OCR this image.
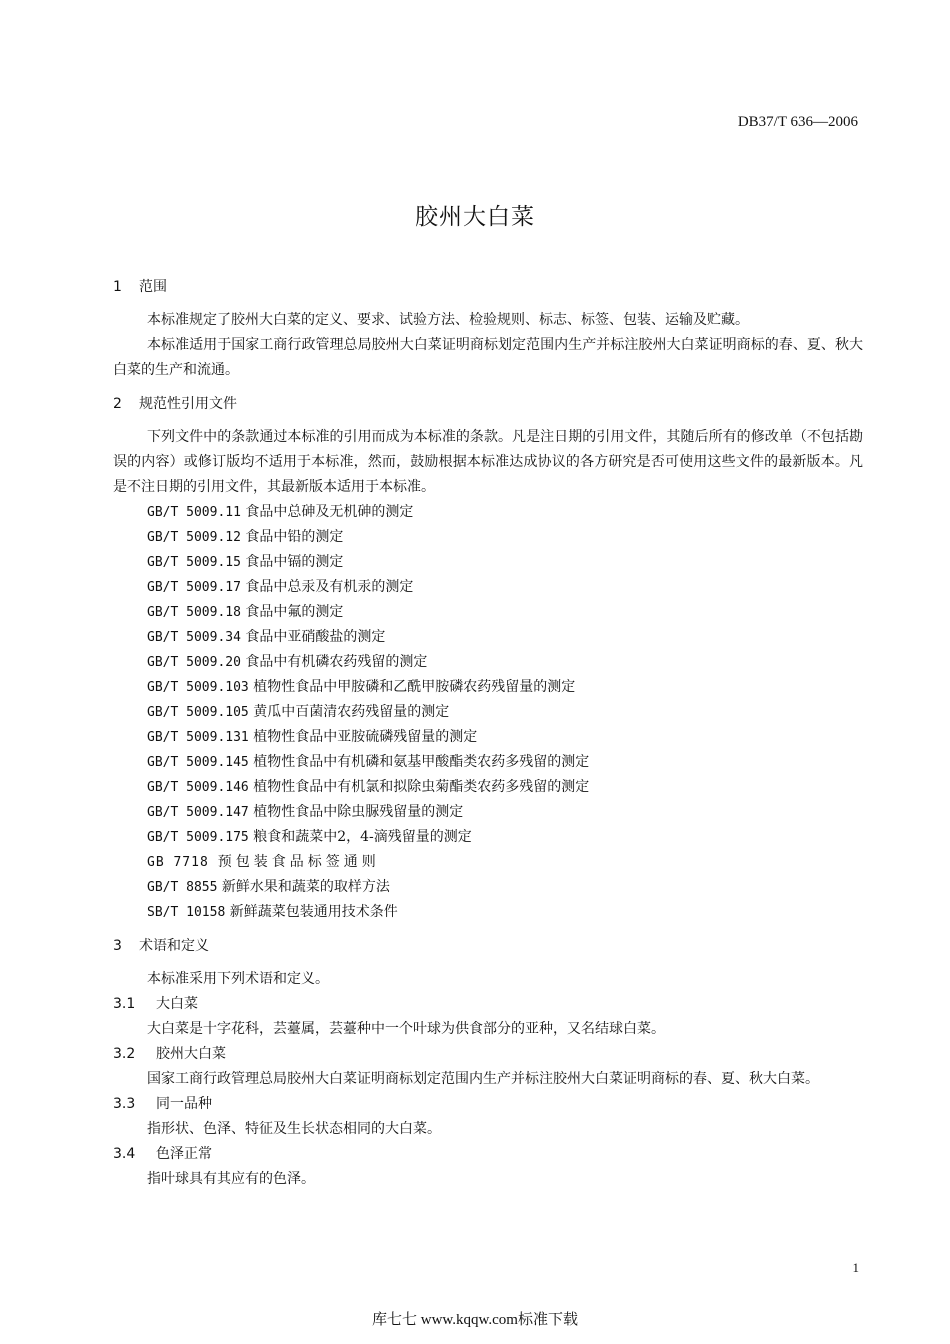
DB37/T 636—2006
胶州大白菜
1	范围

本标准规定了胶州大白菜的定义、要求、试验方法、检验规则、标志、标签、包装、运输及贮藏。

本标准适用于国家工商行政管理总局胶州大白菜证明商标划定范围内生产并标注胶州大白菜证明商标的春、夏、秋大白菜的生产和流通。

2	规范性引用文件

下列文件中的条款通过本标准的引用而成为本标准的条款。凡是注日期的引用文件，其随后所有的修改单（不包括勘误的内容）或修订版均不适用于本标准，然而，鼓励根据本标准达成协议的各方研究是否可使用这些文件的最新版本。凡是不注日期的引用文件，其最新版本适用于本标准。

GB/T 5009.11 食品中总砷及无机砷的测定
GB/T 5009.12 食品中铅的测定
GB/T 5009.15 食品中镉的测定
GB/T 5009.17 食品中总汞及有机汞的测定
GB/T 5009.18 食品中氟的测定
GB/T 5009.34 食品中亚硝酸盐的测定
GB/T 5009.20 食品中有机磷农药残留的测定
GB/T 5009.103 植物性食品中甲胺磷和乙酰甲胺磷农药残留量的测定
GB/T 5009.105 黄瓜中百菌清农药残留量的测定
GB/T 5009.131 植物性食品中亚胺硫磷残留量的测定
GB/T 5009.145 植物性食品中有机磷和氨基甲酸酯类农药多残留的测定
GB/T 5009.146 植物性食品中有机氯和拟除虫菊酯类农药多残留的测定
GB/T 5009.147 植物性食品中除虫脲残留量的测定
GB/T 5009.175 粮食和蔬菜中2，4-滴残留量的测定
GB 7718 预包装食品标签通则
GB/T 8855 新鲜水果和蔬菜的取样方法
SB/T 10158 新鲜蔬菜包装通用技术条件
3	术语和定义

本标准采用下列术语和定义。

3.1	大白菜

大白菜是十字花科，芸薹属，芸薹种中一个叶球为供食部分的亚种，又名结球白菜。

3.2	胶州大白菜

国家工商行政管理总局胶州大白菜证明商标划定范围内生产并标注胶州大白菜证明商标的春、夏、秋大白菜。

3.3	同一品种

指形状、色泽、特征及生长状态相同的大白菜。

3.4	色泽正常

指叶球具有其应有的色泽。

1
库七七 www.kqqw.com标准下载
